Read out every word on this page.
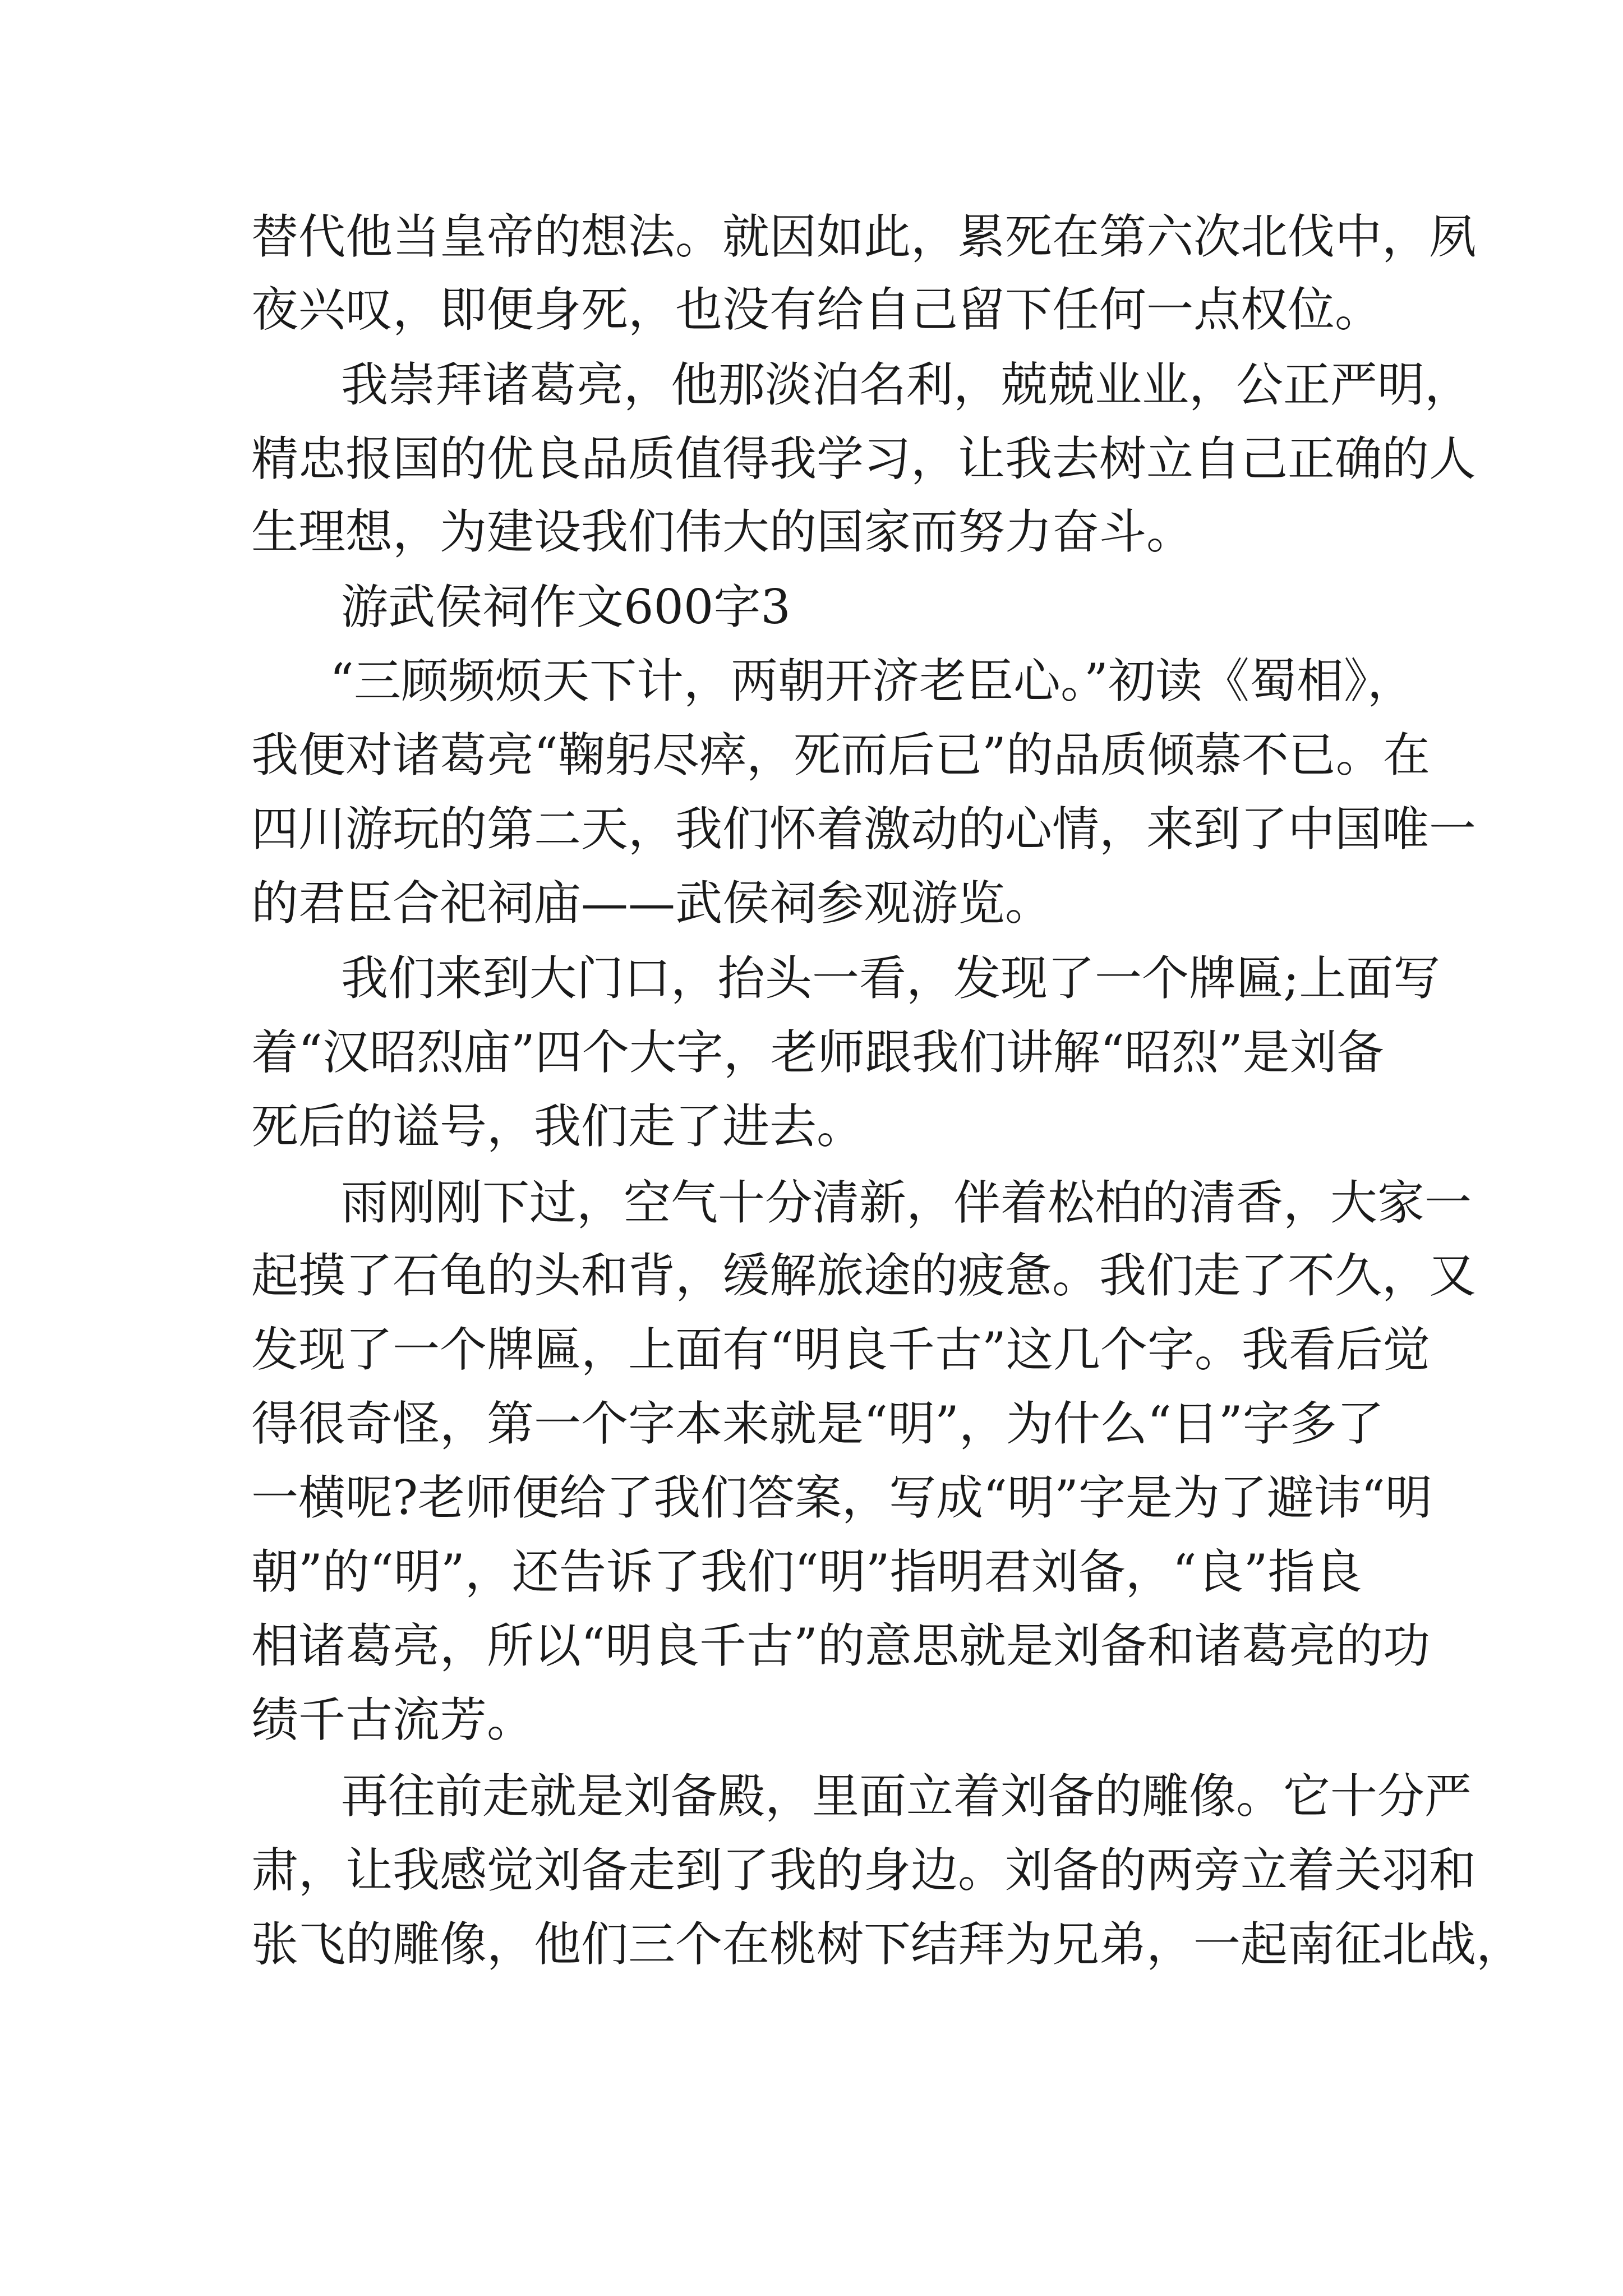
替代他当皇帝的想法。就因如此，累死在第六次北伐中，夙

夜兴叹，即便身死，也没有给自己留下任何一点权位。

我崇拜诸葛亮，他那淡泊名利，兢兢业业，公正严明，

精忠报国的优良品质值得我学习，让我去树立自己正确的人

生理想，为建设我们伟大的国家而努力奋斗。

游武侯祠作文600字3

“三顾频烦天下计，两朝开济老臣心。”初读《蜀相》，

我便对诸葛亮“鞠躬尽瘁，死而后已”的品质倾慕不已。在

四川游玩的第二天，我们怀着激动的心情，来到了中国唯一

的君臣合祀祠庙——武侯祠参观游览。

我们来到大门口，抬头一看，发现了一个牌匾;上面写

着“汉昭烈庙”四个大字，老师跟我们讲解“昭烈”是刘备

死后的谥号，我们走了进去。

雨刚刚下过，空气十分清新，伴着松柏的清香，大家一

起摸了石龟的头和背，缓解旅途的疲惫。我们走了不久，又

发现了一个牌匾，上面有“明良千古”这几个字。我看后觉

得很奇怪，第一个字本来就是“明”，为什么“日”字多了

一横呢?老师便给了我们答案，写成“明”字是为了避讳“明

朝”的“明”，还告诉了我们“明”指明君刘备，“良”指良

相诸葛亮，所以“明良千古”的意思就是刘备和诸葛亮的功

绩千古流芳。

再往前走就是刘备殿，里面立着刘备的雕像。它十分严

肃，让我感觉刘备走到了我的身边。刘备的两旁立着关羽和

张飞的雕像，他们三个在桃树下结拜为兄弟，一起南征北战，
